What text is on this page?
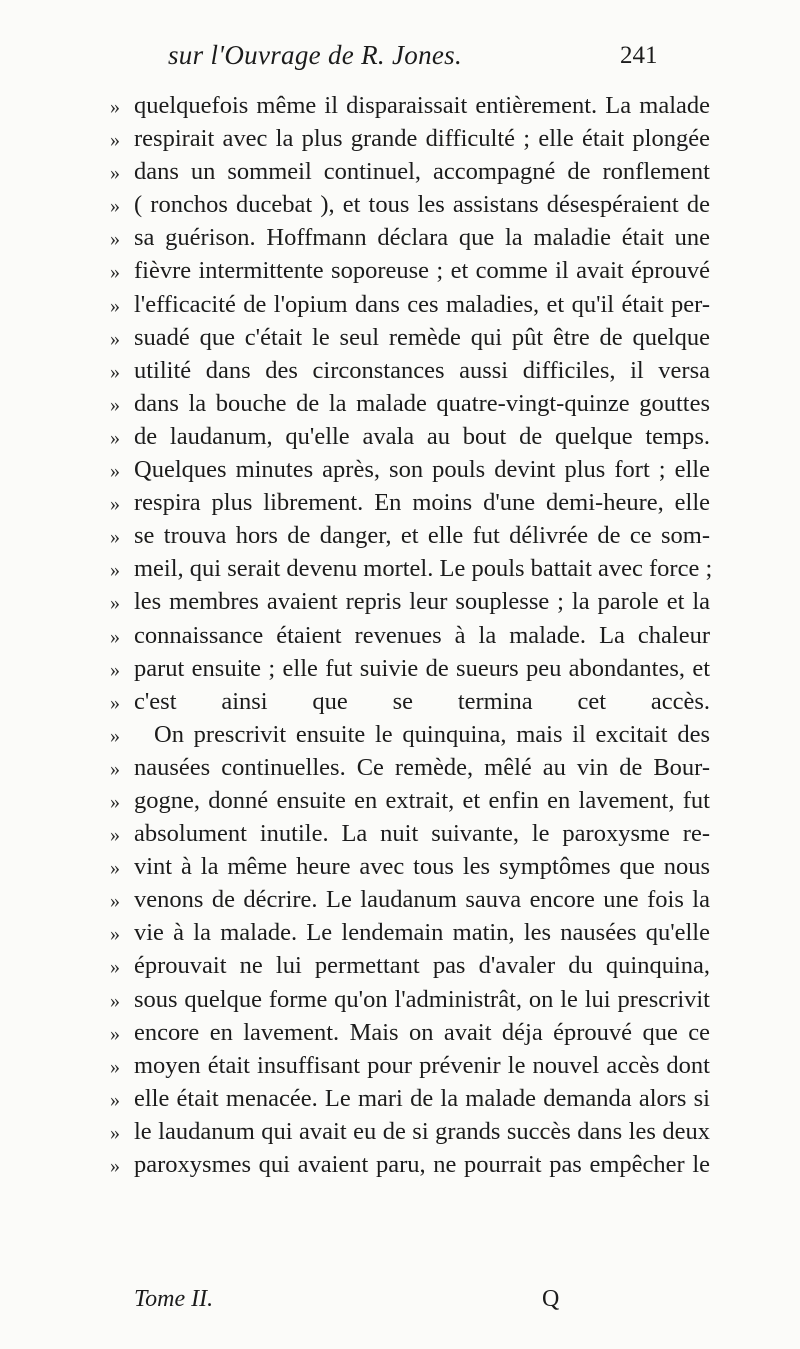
sur l'Ouvrage de R. Jones.	241
» quelquefois même il disparaissait entièrement. La malade
» respirait avec la plus grande difficulté ; elle était plongée
» dans un sommeil continuel, accompagné de ronflement
» ( ronchos ducebat ), et tous les assistans désespéraient de
» sa guérison. Hoffmann déclara que la maladie était une
» fièvre intermittente soporeuse ; et comme il avait éprouvé
» l'efficacité de l'opium dans ces maladies, et qu'il était per-
» suadé que c'était le seul remède qui pût être de quelque
» utilité dans des circonstances aussi difficiles, il versa
» dans la bouche de la malade quatre-vingt-quinze gouttes
» de laudanum, qu'elle avala au bout de quelque temps.
» Quelques minutes après, son pouls devint plus fort ; elle
» respira plus librement. En moins d'une demi-heure, elle
» se trouva hors de danger, et elle fut délivrée de ce som-
» meil, qui serait devenu mortel. Le pouls battait avec force ;
» les membres avaient repris leur souplesse ; la parole et la
» connaissance étaient revenues à la malade. La chaleur
» parut ensuite ; elle fut suivie de sueurs peu abondantes, et
» c'est ainsi que se termina cet accès.
» On prescrivit ensuite le quinquina, mais il excitait des
» nausées continuelles. Ce remède, mêlé au vin de Bour-
» gogne, donné ensuite en extrait, et enfin en lavement, fut
» absolument inutile. La nuit suivante, le paroxysme re-
» vint à la même heure avec tous les symptômes que nous
» venons de décrire. Le laudanum sauva encore une fois la
» vie à la malade. Le lendemain matin, les nausées qu'elle
» éprouvait ne lui permettant pas d'avaler du quinquina,
» sous quelque forme qu'on l'administrât, on le lui prescrivit
» encore en lavement. Mais on avait déja éprouvé que ce
» moyen était insuffisant pour prévenir le nouvel accès dont
» elle était menacée. Le mari de la malade demanda alors si
» le laudanum qui avait eu de si grands succès dans les deux
» paroxysmes qui avaient paru, ne pourrait pas empêcher le
Tome II.	Q
